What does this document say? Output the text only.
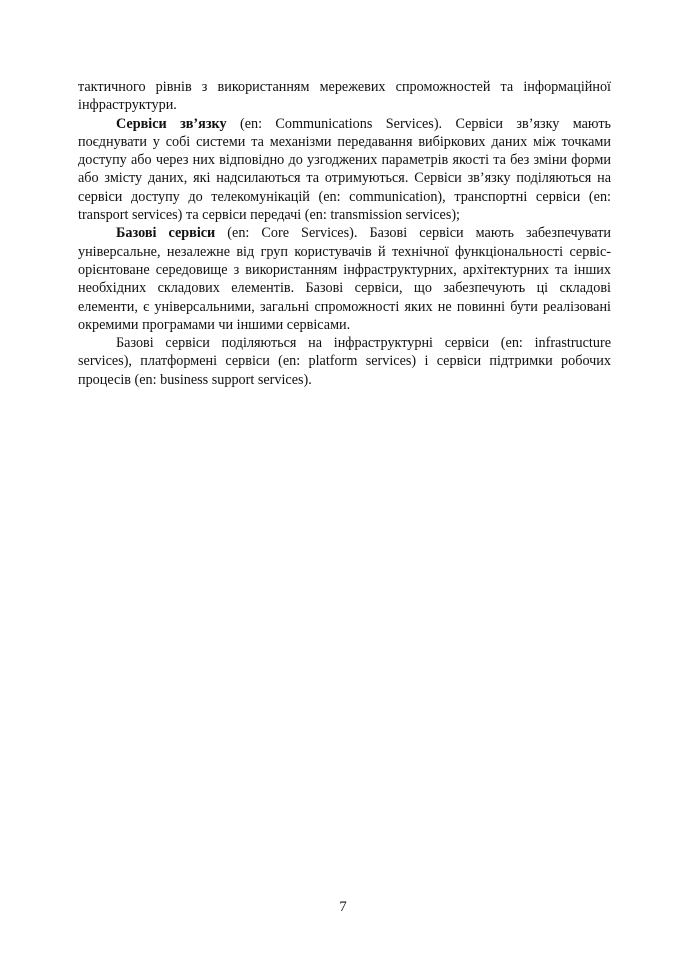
тактичного рівнів з використанням мережевих спроможностей та інформаційної інфраструктури.

Сервіси зв’язку (en: Communications Services). Сервіси зв’язку мають поєднувати у собі системи та механізми передавання вибіркових даних між точками доступу або через них відповідно до узгоджених параметрів якості та без зміни форми або змісту даних, які надсилаються та отримуються. Сервіси зв’язку поділяються на сервіси доступу до телекомунікацій (en: communication), транспортні сервіси (en: transport services) та сервіси передачі (en: transmission services);

Базові сервіси (en: Core Services). Базові сервіси мають забезпечувати універсальне, незалежне від груп користувачів й технічної функціональності сервіс-орієнтоване середовище з використанням інфраструктурних, архітектурних та інших необхідних складових елементів. Базові сервіси, що забезпечують ці складові елементи, є універсальними, загальні спроможності яких не повинні бути реалізовані окремими програмами чи іншими сервісами.

Базові сервіси поділяються на інфраструктурні сервіси (en: infrastructure services), платформені сервіси (en: platform services) і сервіси підтримки робочих процесів (en: business support services).

7
